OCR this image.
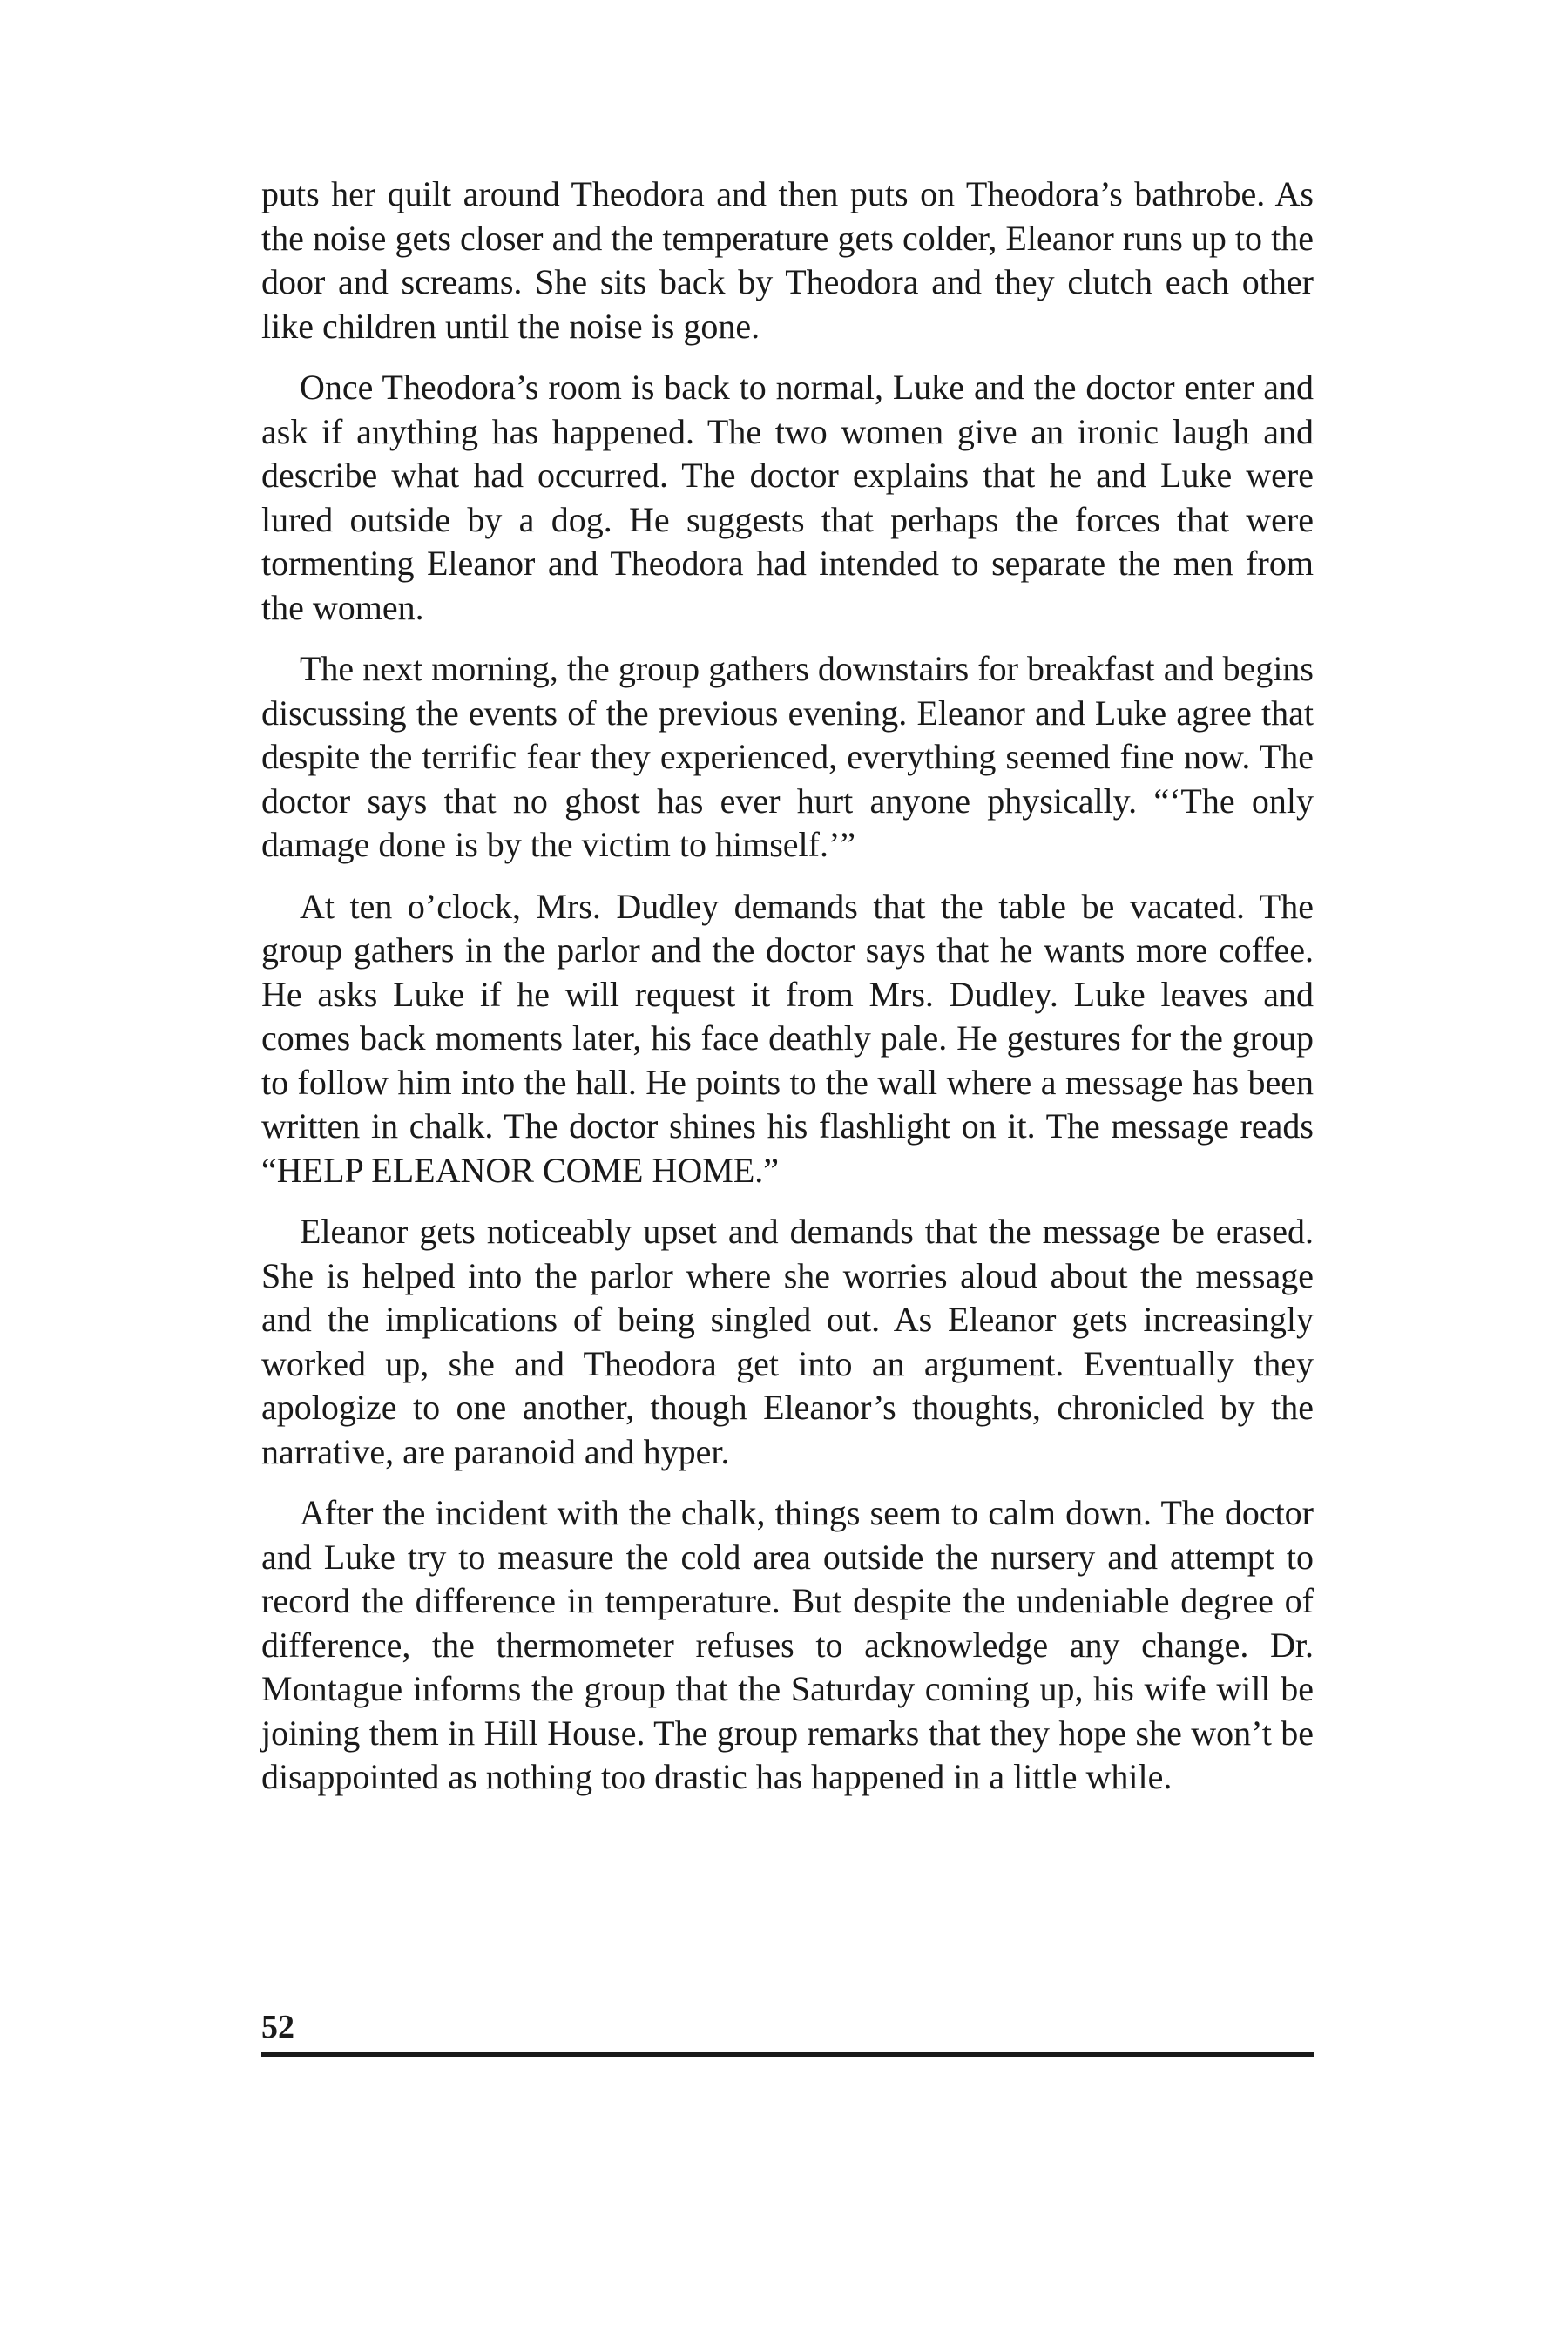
puts her quilt around Theodora and then puts on Theodora’s bathrobe. As the noise gets closer and the temperature gets colder, Eleanor runs up to the door and screams. She sits back by Theodora and they clutch each other like children until the noise is gone.

Once Theodora’s room is back to normal, Luke and the doctor enter and ask if anything has happened. The two women give an ironic laugh and describe what had occurred. The doctor explains that he and Luke were lured outside by a dog. He suggests that perhaps the forces that were tormenting Eleanor and Theodora had intended to separate the men from the women.

The next morning, the group gathers downstairs for breakfast and begins discussing the events of the previous evening. Eleanor and Luke agree that despite the terrific fear they experienced, everything seemed fine now. The doctor says that no ghost has ever hurt anyone physically. “‘The only damage done is by the victim to himself.’”

At ten o’clock, Mrs. Dudley demands that the table be vacated. The group gathers in the parlor and the doctor says that he wants more coffee. He asks Luke if he will request it from Mrs. Dudley. Luke leaves and comes back moments later, his face deathly pale. He gestures for the group to follow him into the hall. He points to the wall where a message has been written in chalk. The doctor shines his flashlight on it. The message reads “HELP ELEANOR COME HOME.”

Eleanor gets noticeably upset and demands that the message be erased. She is helped into the parlor where she worries aloud about the message and the implications of being singled out. As Eleanor gets increasingly worked up, she and Theodora get into an argument. Eventually they apologize to one another, though Eleanor’s thoughts, chronicled by the narrative, are paranoid and hyper.

After the incident with the chalk, things seem to calm down. The doctor and Luke try to measure the cold area outside the nursery and attempt to record the difference in temperature. But despite the undeniable degree of difference, the thermometer refuses to acknowledge any change. Dr. Montague informs the group that the Saturday coming up, his wife will be joining them in Hill House. The group remarks that they hope she won’t be disappointed as nothing too drastic has happened in a little while.

52
